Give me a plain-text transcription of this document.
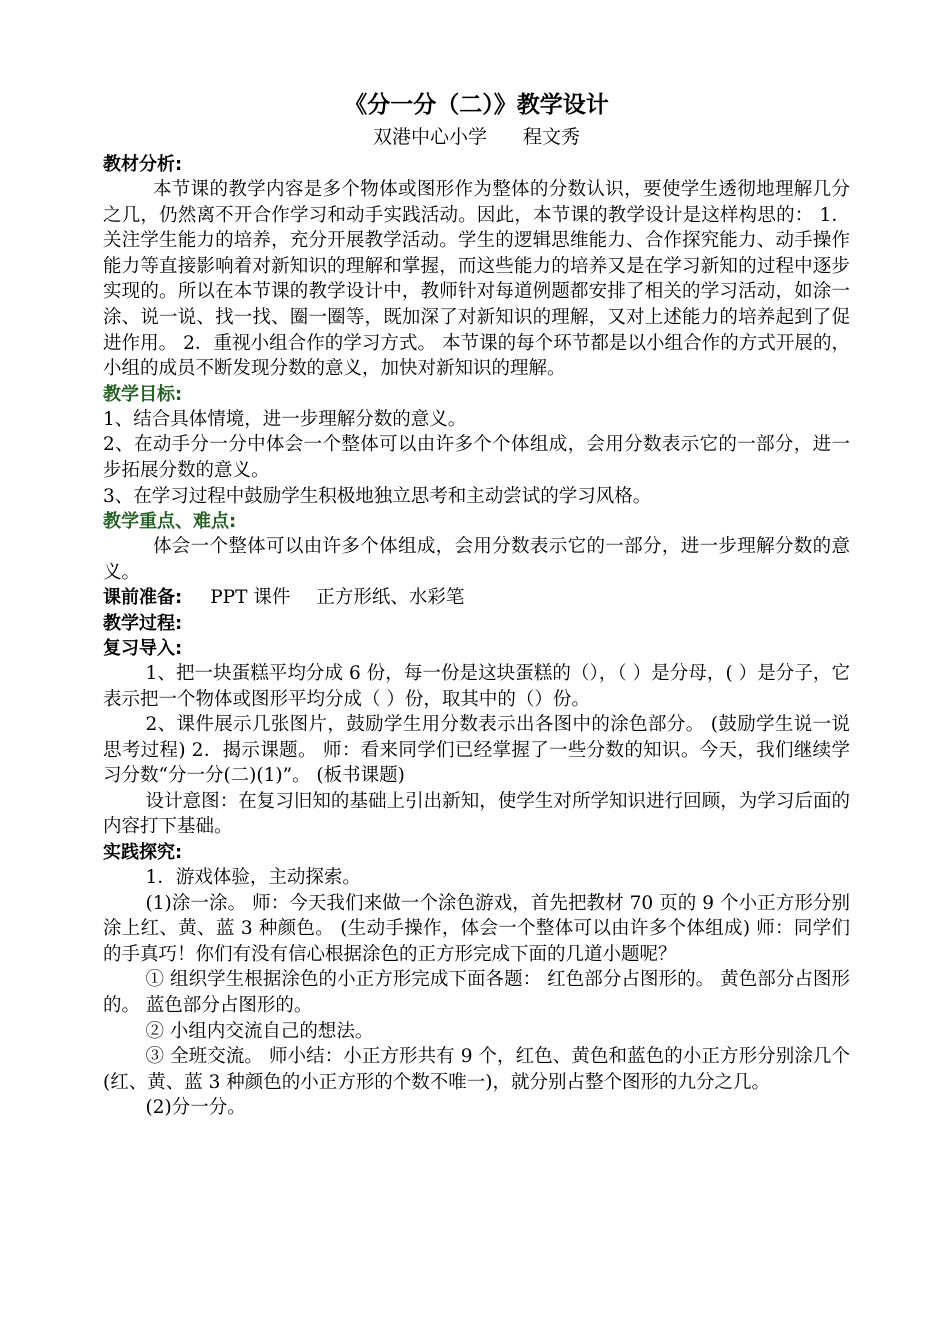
《分一分（二）》教学设计
双港中心小学 程文秀
教材分析:

本节课的教学内容是多个物体或图形作为整体的分数认识，要使学生透彻地理解几分之几，仍然离不开合作学习和动手实践活动。因此，本节课的教学设计是这样构思的： 1．关注学生能力的培养，充分开展教学活动。学生的逻辑思维能力、合作探究能力、动手操作能力等直接影响着对新知识的理解和掌握，而这些能力的培养又是在学习新知的过程中逐步实现的。所以在本节课的教学设计中，教师针对每道例题都安排了相关的学习活动，如涂一涂、说一说、找一找、圈一圈等，既加深了对新知识的理解，又对上述能力的培养起到了促进作用。 2．重视小组合作的学习方式。 本节课的每个环节都是以小组合作的方式开展的，小组的成员不断发现分数的意义，加快对新知识的理解。

教学目标:

1、结合具体情境，进一步理解分数的意义。

2、在动手分一分中体会一个整体可以由许多个个体组成，会用分数表示它的一部分，进一步拓展分数的意义。

3、在学习过程中鼓励学生积极地独立思考和主动尝试的学习风格。

教学重点、难点:

体会一个整体可以由许多个体组成，会用分数表示它的一部分，进一步理解分数的意义。

课前准备: PPT 课件 正方形纸、水彩笔
教学过程:
复习导入:

1、把一块蛋糕平均分成 6 份，每一份是这块蛋糕的（），（ ）是分母，( ）是分子，它表示把一个物体或图形平均分成（ ）份，取其中的（）份。

2、课件展示几张图片，鼓励学生用分数表示出各图中的涂色部分。 (鼓励学生说一说思考过程) 2．揭示课题。 师：看来同学们已经掌握了一些分数的知识。今天，我们继续学习分数“分一分(二)(1)”。 (板书课题)

设计意图：在复习旧知的基础上引出新知，使学生对所学知识进行回顾，为学习后面的内容打下基础。

实践探究:

1．游戏体验，主动探索。

(1)涂一涂。 师：今天我们来做一个涂色游戏，首先把教材 70 页的 9 个小正方形分别涂上红、黄、蓝 3 种颜色。 (生动手操作，体会一个整体可以由许多个体组成) 师：同学们的手真巧！你们有没有信心根据涂色的正方形完成下面的几道小题呢？

① 组织学生根据涂色的小正方形完成下面各题： 红色部分占图形的。 黄色部分占图形的。 蓝色部分占图形的。

② 小组内交流自己的想法。

③ 全班交流。 师小结：小正方形共有 9 个，红色、黄色和蓝色的小正方形分别涂几个(红、黄、蓝 3 种颜色的小正方形的个数不唯一)，就分别占整个图形的九分之几。

(2)分一分。
